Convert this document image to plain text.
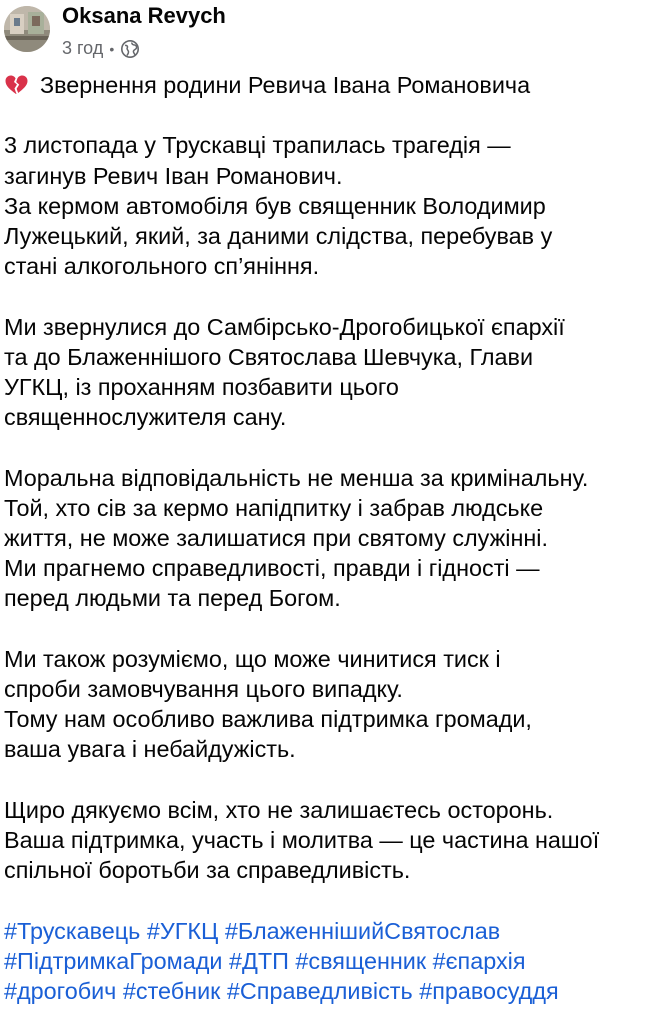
Oksana Revych
3 год •
Звернення родини Ревича Івана Романовича
3 листопада у Трускавці трапилась трагедія —
загинув Ревич Іван Романович.
За кермом автомобіля був священник Володимир
Лужецький, який, за даними слідства, перебував у
стані алкогольного сп’яніння.
Ми звернулися до Самбірсько-Дрогобицької єпархії
та до Блаженнішого Святослава Шевчука, Глави
УГКЦ, із проханням позбавити цього
священнослужителя сану.
Моральна відповідальність не менша за кримінальну.
Той, хто сів за кермо напідпитку і забрав людське
життя, не може залишатися при святому служінні.
Ми прагнемо справедливості, правди і гідності —
перед людьми та перед Богом.
Ми також розуміємо, що може чинитися тиск і
спроби замовчування цього випадку.
Тому нам особливо важлива підтримка громади,
ваша увага і небайдужість.
Щиро дякуємо всім, хто не залишаєтесь осторонь.
Ваша підтримка, участь і молитва — це частина нашої
спільної боротьби за справедливість.
#Трускавець #УГКЦ #БлаженнішийСвятослав
#ПідтримкаГромади #ДТП #священник #єпархія
#дрогобич #стебник #Справедливість #правосуддя
